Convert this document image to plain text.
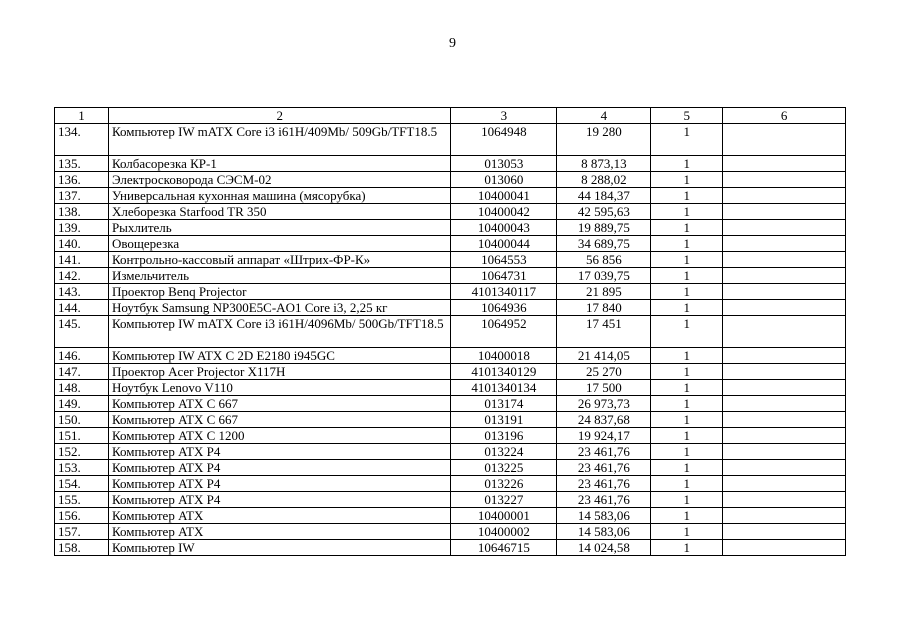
9
1	2	3	4	5	6
134.	Компьютер IW mATX Core i3 i61H/409Mb/ 509Gb/TFT18.5	1064948	19 280	1	
135.	Колбасорезка КР-1	013053	8 873,13	1	
136.	Электросковорода СЭСМ-02	013060	8 288,02	1	
137.	Универсальная кухонная машина (мясорубка)	10400041	44 184,37	1	
138.	Хлеборезка Starfood TR 350	10400042	42 595,63	1	
139.	Рыхлитель	10400043	19 889,75	1	
140.	Овощерезка	10400044	34 689,75	1	
141.	Контрольно-кассовый аппарат «Штрих-ФР-К»	1064553	56 856	1	
142.	Измельчитель	1064731	17 039,75	1	
143.	Проектор Benq Projector	4101340117	21 895	1	
144.	Ноутбук Samsung NP300E5C-AO1 Core i3, 2,25 кг	1064936	17 840	1	
145.	Компьютер IW mATX Core i3 i61H/4096Mb/ 500Gb/TFT18.5	1064952	17 451	1	
146.	Компьютер IW ATX C 2D E2180 i945GC	10400018	21 414,05	1	
147.	Проектор Acer Projector X117H	4101340129	25 270	1	
148.	Ноутбук Lenovo V110	4101340134	17 500	1	
149.	Компьютер ATX C 667	013174	26 973,73	1	
150.	Компьютер ATX C 667	013191	24 837,68	1	
151.	Компьютер ATX C 1200	013196	19 924,17	1	
152.	Компьютер ATX P4	013224	23 461,76	1	
153.	Компьютер ATX P4	013225	23 461,76	1	
154.	Компьютер ATX P4	013226	23 461,76	1	
155.	Компьютер ATX P4	013227	23 461,76	1	
156.	Компьютер ATX	10400001	14 583,06	1	
157.	Компьютер ATX	10400002	14 583,06	1	
158.	Компьютер IW	10646715	14 024,58	1	
